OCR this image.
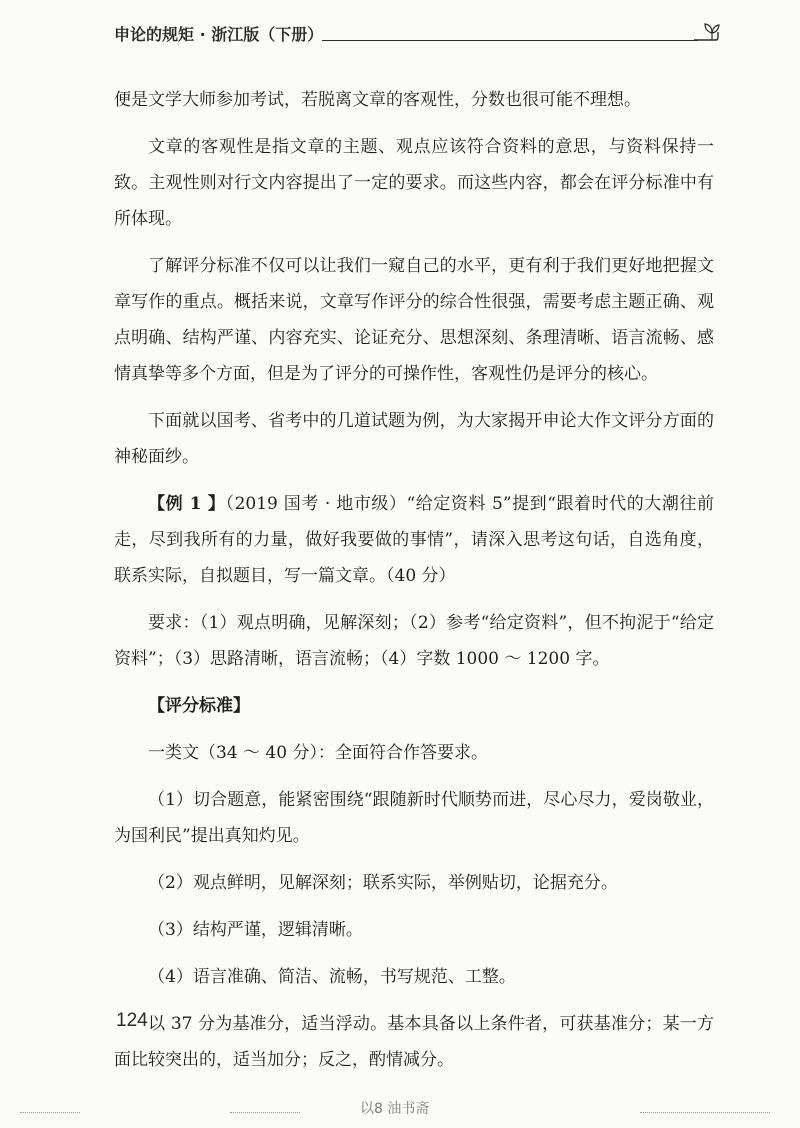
申论的规矩 · 浙江版（下册）

便是文学大师参加考试，若脱离文章的客观性，分数也很可能不理想。

文章的客观性是指文章的主题、观点应该符合资料的意思，与资料保持一致。主观性则对行文内容提出了一定的要求。而这些内容，都会在评分标准中有所体现。

了解评分标准不仅可以让我们一窥自己的水平，更有利于我们更好地把握文章写作的重点。概括来说，文章写作评分的综合性很强，需要考虑主题正确、观点明确、结构严谨、内容充实、论证充分、思想深刻、条理清晰、语言流畅、感情真挚等多个方面，但是为了评分的可操作性，客观性仍是评分的核心。

下面就以国考、省考中的几道试题为例，为大家揭开申论大作文评分方面的神秘面纱。

【例 1 】（2019 国考 · 地市级）“给定资料 5”提到“跟着时代的大潮往前走，尽到我所有的力量，做好我要做的事情”，请深入思考这句话，自选角度，联系实际，自拟题目，写一篇文章。（40 分）

要求：（1）观点明确，见解深刻；（2）参考“给定资料”，但不拘泥于“给定资料”；（3）思路清晰，语言流畅；（4）字数 1000 ～ 1200 字。

【评分标准】

一类文（34 ～ 40 分）：全面符合作答要求。

（1）切合题意，能紧密围绕“跟随新时代顺势而进，尽心尽力，爱岗敬业，为国利民”提出真知灼见。

（2）观点鲜明，见解深刻；联系实际，举例贴切，论据充分。

（3）结构严谨，逻辑清晰。

（4）语言准确、简洁、流畅，书写规范、工整。

以 37 分为基准分，适当浮动。基本具备以上条件者，可获基准分；某一方面比较突出的，适当加分；反之，酌情减分。

124
以8 油书斋
